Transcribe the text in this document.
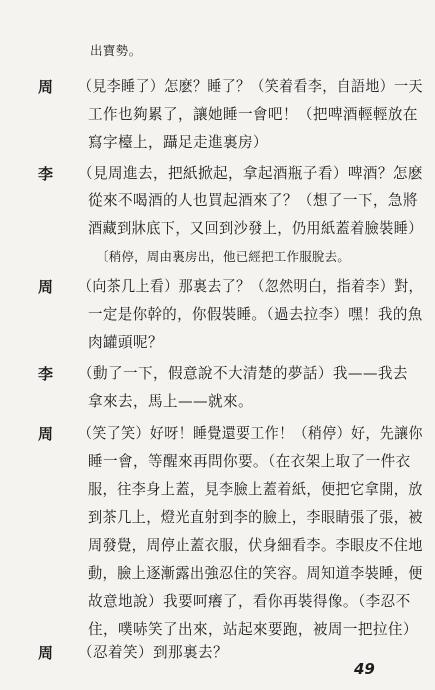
出寶勢。
周 （見李睡了）怎麽？睡了？（笑着看李，自語地）一天
工作也夠累了，讓她睡一會吧！（把啤酒輕輕放在
寫字檯上，躡足走進裏房）
李 （見周進去，把紙掀起，拿起酒瓶子看）啤酒？怎麽
從來不喝酒的人也買起酒來了？（想了一下，急將
酒藏到牀底下，又回到沙發上，仍用紙蓋着臉裝睡）
〔稍停，周由裏房出，他已經把工作服脫去。
周 （向茶几上看）那裏去了？（忽然明白，指着李）對，
一定是你幹的，你假裝睡。（過去拉李）嘿！我的魚
肉罐頭呢？
李 （動了一下，假意說不大清楚的夢話）我——我去
拿來去，馬上——就來。
周 （笑了笑）好呀！睡覺還要工作！（稍停）好，先讓你
睡一會，等醒來再問你要。（在衣架上取了一件衣
服，往李身上蓋，見李臉上蓋着紙，便把它拿開，放
到茶几上，燈光直射到李的臉上，李眼睛張了張，被
周發覺，周停止蓋衣服，伏身細看李。李眼皮不住地
動，臉上逐漸露出強忍住的笑容。周知道李裝睡，便
故意地說）我要呵癢了，看你再裝得像。（李忍不
住，噗哧笑了出來，站起來要跑，被周一把拉住）
周 （忍着笑）到那裏去？
49
